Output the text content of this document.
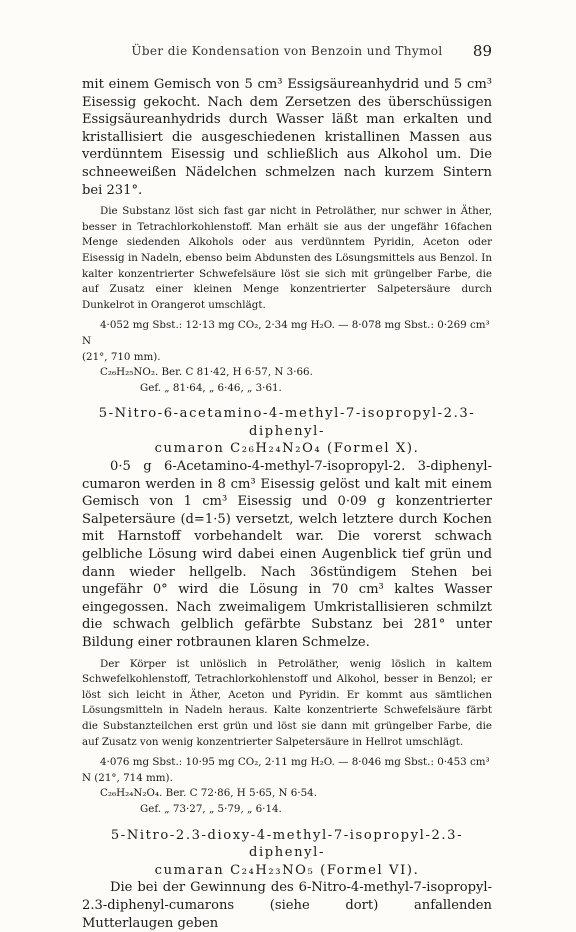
Über die Kondensation von Benzoin und Thymol	89

mit einem Gemisch von 5 cm³ Essigsäureanhydrid und 5 cm³ Eisessig gekocht. Nach dem Zersetzen des überschüssigen Essigsäureanhydrids durch Wasser läßt man erkalten und kristallisiert die ausgeschiedenen kristallinen Massen aus verdünntem Eisessig und schließlich aus Alkohol um. Die schneeweißen Nädelchen schmelzen nach kurzem Sintern bei 231°.

Die Substanz löst sich fast gar nicht in Petroläther, nur schwer in Äther, besser in Tetrachlorkohlenstoff. Man erhält sie aus der ungefähr 16fachen Menge siedenden Alkohols oder aus verdünntem Pyridin, Aceton oder Eisessig in Nadeln, ebenso beim Abdunsten des Lösungsmittels aus Benzol. In kalter konzentrierter Schwefelsäure löst sie sich mit grüngelber Farbe, die auf Zusatz einer kleinen Menge konzentrierter Salpetersäure durch Dunkelrot in Orangerot umschlägt.

4·052 mg Sbst.: 12·13 mg CO₂, 2·34 mg H₂O. — 8·078 mg Sbst.: 0·269 cm³ N

(21°, 710 mm).

C₂₆H₂₅NO₂. Ber. C 81·42, H 6·57, N 3·66.

Gef. „ 81·64, „ 6·46, „ 3·61.

5-Nitro-6-acetamino-4-methyl-7-isopropyl-2.3-diphenyl-

cumaron C₂₆H₂₄N₂O₄ (Formel X).

0·5 g 6-Acetamino-4-methyl-7-isopropyl-2. 3-diphenyl-cumaron werden in 8 cm³ Eisessig gelöst und kalt mit einem Gemisch von 1 cm³ Eisessig und 0·09 g konzentrierter Salpetersäure (d=1·5) versetzt, welch letztere durch Kochen mit Harnstoff vorbehandelt war. Die vorerst schwach gelbliche Lösung wird dabei einen Augenblick tief grün und dann wieder hellgelb. Nach 36stündigem Stehen bei ungefähr 0° wird die Lösung in 70 cm³ kaltes Wasser eingegossen. Nach zweimaligem Umkristallisieren schmilzt die schwach gelblich gefärbte Substanz bei 281° unter Bildung einer rotbraunen klaren Schmelze.

Der Körper ist unlöslich in Petroläther, wenig löslich in kaltem Schwefelkohlenstoff, Tetrachlorkohlenstoff und Alkohol, besser in Benzol; er löst sich leicht in Äther, Aceton und Pyridin. Er kommt aus sämtlichen Lösungsmitteln in Nadeln heraus. Kalte konzentrierte Schwefelsäure färbt die Substanzteilchen erst grün und löst sie dann mit grüngelber Farbe, die auf Zusatz von wenig konzentrierter Salpetersäure in Hellrot umschlägt.

4·076 mg Sbst.: 10·95 mg CO₂, 2·11 mg H₂O. — 8·046 mg Sbst.: 0·453 cm³

N (21°, 714 mm).

C₂₆H₂₄N₂O₄. Ber. C 72·86, H 5·65, N 6·54.

Gef. „ 73·27, „ 5·79, „ 6·14.

5-Nitro-2.3-dioxy-4-methyl-7-isopropyl-2.3-diphenyl-

cumaran C₂₄H₂₃NO₅ (Formel VI).

Die bei der Gewinnung des 6-Nitro-4-methyl-7-isopropyl-2.3-diphenyl-cumarons (siehe dort) anfallenden Mutterlaugen geben
